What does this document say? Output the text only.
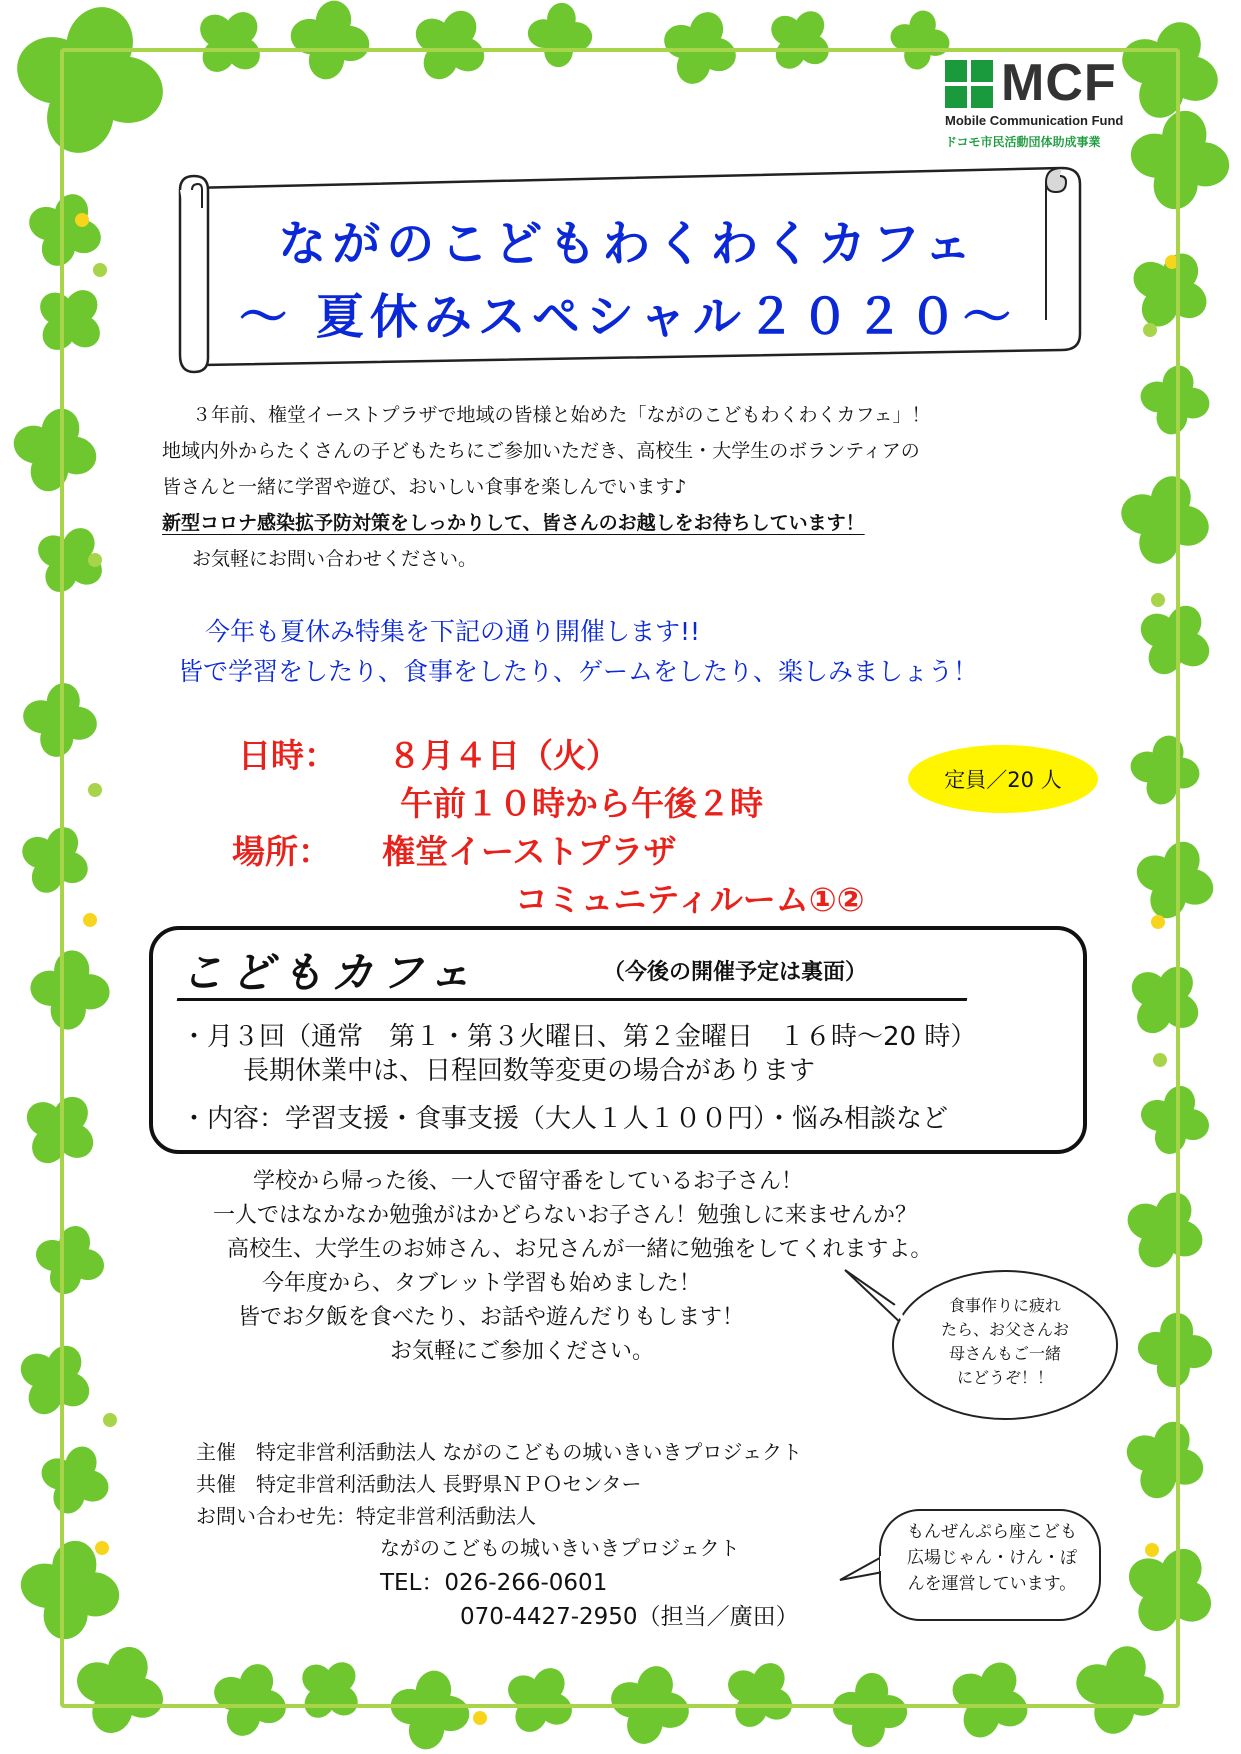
MCF
Mobile Communication Fund
ドコモ市民活動団体助成事業
ながのこどもわくわくカフェ
～ 夏休みスペシャル２０２０～
３年前、権堂イーストプラザで地域の皆様と始めた「ながのこどもわくわくカフェ」！
地域内外からたくさんの子どもたちにご参加いただき、高校生・大学生のボランティアの
皆さんと一緒に学習や遊び、おいしい食事を楽しんでいます♪
新型コロナ感染拡予防対策をしっかりして、皆さんのお越しをお待ちしています！
お気軽にお問い合わせください。
今年も夏休み特集を下記の通り開催します!!
皆で学習をしたり、食事をしたり、ゲームをしたり、楽しみましょう！
日時： ８月４日（火）
午前１０時から午後２時
場所： 権堂イーストプラザ
コミュニティルーム①②
定員／20 人
こどもカフェ	（今後の開催予定は裏面）
・月３回（通常　第１・第３火曜日、第２金曜日　１６時～20 時）
長期休業中は、日程回数等変更の場合があります
・内容：学習支援・食事支援（大人１人１００円）・悩み相談など
学校から帰った後、一人で留守番をしているお子さん！
一人ではなかなか勉強がはかどらないお子さん！勉強しに来ませんか？
高校生、大学生のお姉さん、お兄さんが一緒に勉強をしてくれますよ。
今年度から、タブレット学習も始めました！
皆でお夕飯を食べたり、お話や遊んだりもします！
お気軽にご参加ください。
食事作りに疲れ
たら、お父さんお
母さんもご一緒
にどうぞ！！
主催　特定非営利活動法人 ながのこどもの城いきいきプロジェクト
共催　特定非営利活動法人 長野県ＮＰＯセンター
お問い合わせ先：特定非営利活動法人
ながのこどもの城いきいきプロジェクト
TEL：026-266-0601
070-4427-2950（担当／廣田）
もんぜんぷら座こども
広場じゃん・けん・ぽ
んを運営しています。
